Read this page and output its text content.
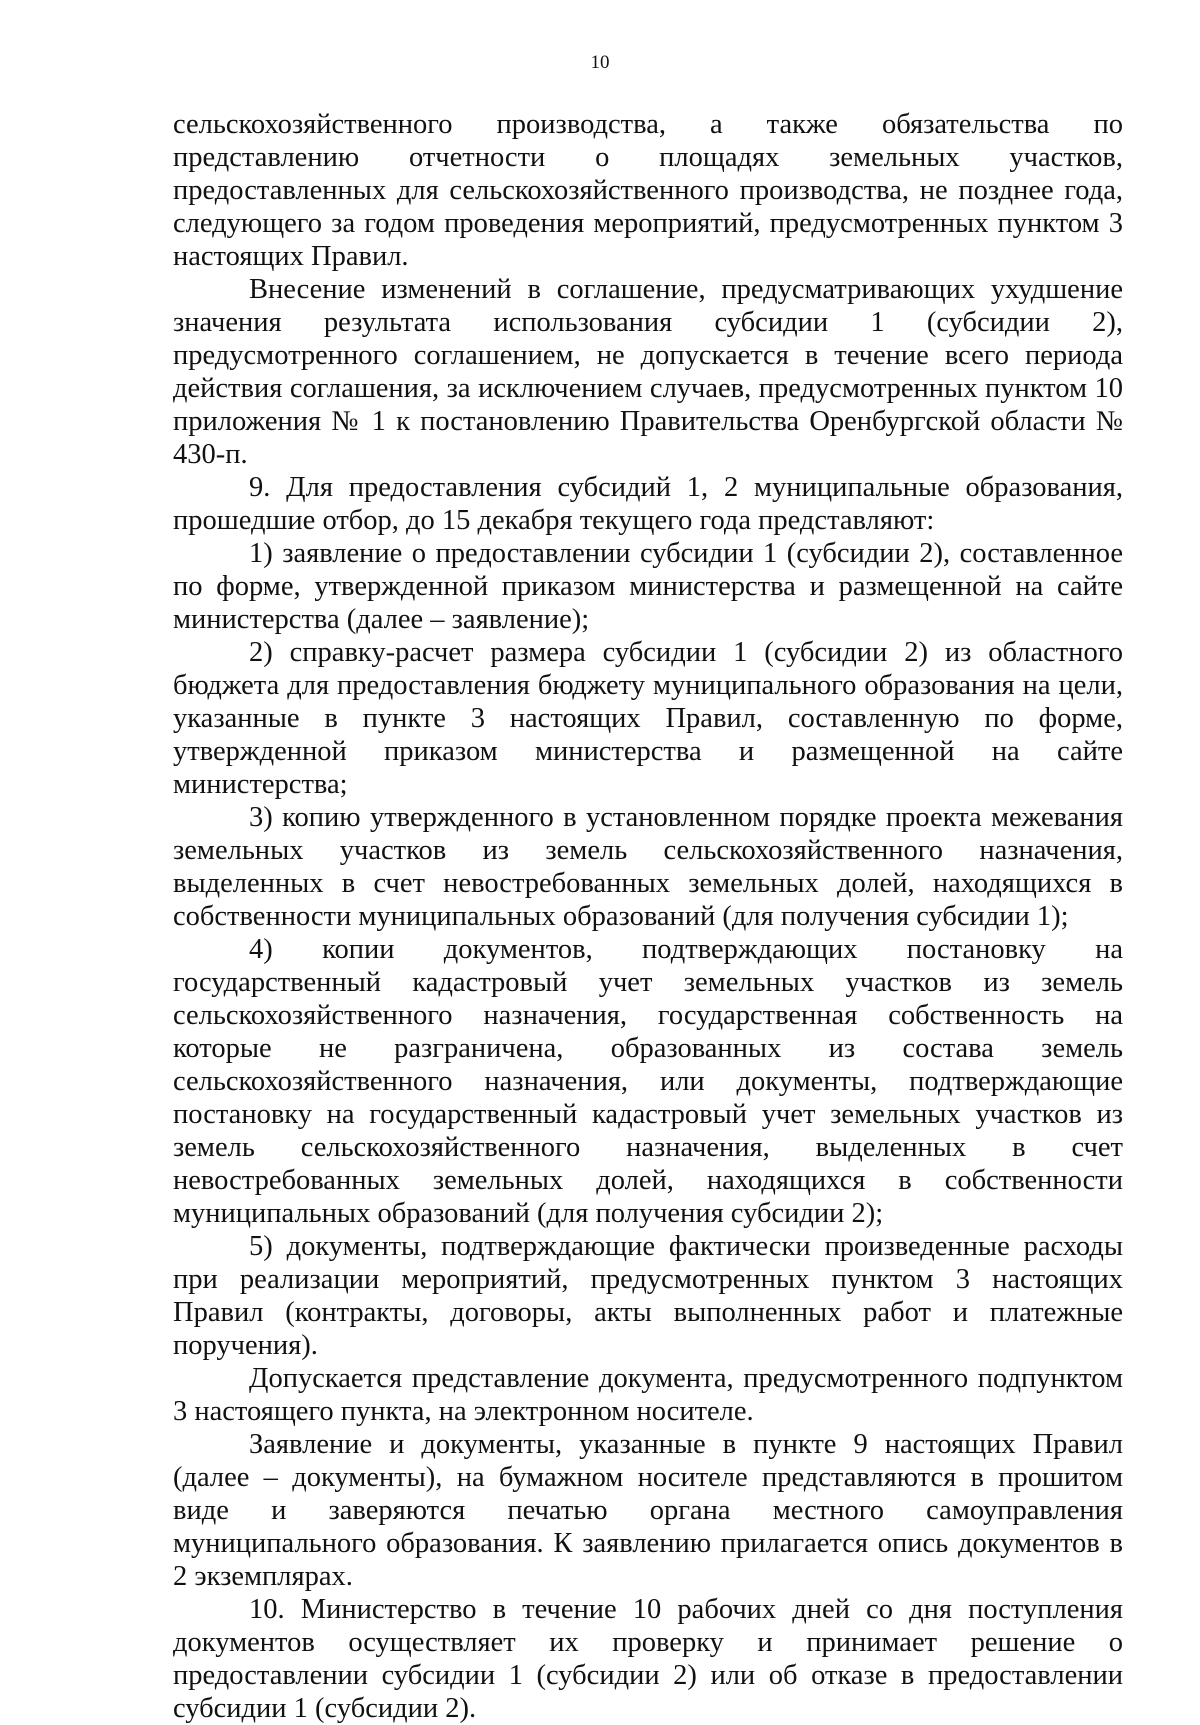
10

сельскохозяйственного производства, а также обязательства по представлению отчетности о площадях земельных участков, предоставленных для сельскохозяйственного производства, не позднее года, следующего за годом проведения мероприятий, предусмотренных пунктом 3 настоящих Правил.

Внесение изменений в соглашение, предусматривающих ухудшение значения результата использования субсидии 1 (субсидии 2), предусмотренного соглашением, не допускается в течение всего периода действия соглашения, за исключением случаев, предусмотренных пунктом 10 приложения № 1 к постановлению Правительства Оренбургской области № 430-п.

9. Для предоставления субсидий 1, 2 муниципальные образования, прошедшие отбор, до 15 декабря текущего года представляют:

1) заявление о предоставлении субсидии 1 (субсидии 2), составленное по форме, утвержденной приказом министерства и размещенной на сайте министерства (далее – заявление);

2) справку-расчет размера субсидии 1 (субсидии 2) из областного бюджета для предоставления бюджету муниципального образования на цели, указанные в пункте 3 настоящих Правил, составленную по форме, утвержденной приказом министерства и размещенной на сайте министерства;

3) копию утвержденного в установленном порядке проекта межевания земельных участков из земель сельскохозяйственного назначения, выделенных в счет невостребованных земельных долей, находящихся в собственности муниципальных образований (для получения субсидии 1);

4) копии документов, подтверждающих постановку на государственный кадастровый учет земельных участков из земель сельскохозяйственного назначения, государственная собственность на которые не разграничена, образованных из состава земель сельскохозяйственного назначения, или документы, подтверждающие постановку на государственный кадастровый учет земельных участков из земель сельскохозяйственного назначения, выделенных в счет невостребованных земельных долей, находящихся в собственности муниципальных образований (для получения субсидии 2);

5) документы, подтверждающие фактически произведенные расходы при реализации мероприятий, предусмотренных пунктом 3 настоящих Правил (контракты, договоры, акты выполненных работ и платежные поручения).

Допускается представление документа, предусмотренного подпунктом 3 настоящего пункта, на электронном носителе.

Заявление и документы, указанные в пункте 9 настоящих Правил (далее – документы), на бумажном носителе представляются в прошитом виде и заверяются печатью органа местного самоуправления муниципального образования. К заявлению прилагается опись документов в 2 экземплярах.

10. Министерство в течение 10 рабочих дней со дня поступления документов осуществляет их проверку и принимает решение о предоставлении субсидии 1 (субсидии 2) или об отказе в предоставлении субсидии 1 (субсидии 2).
